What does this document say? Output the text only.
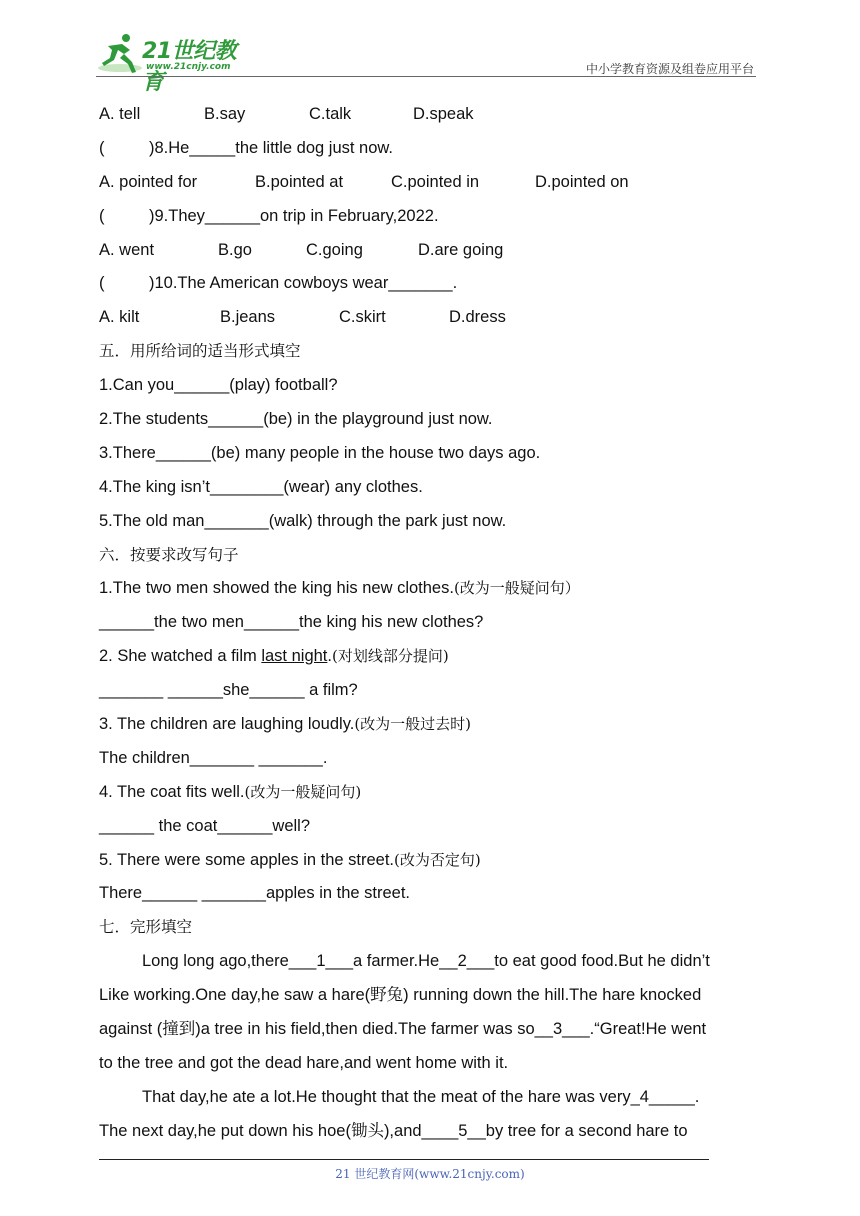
21世纪教育
www.21cnjy.com	中小学教育资源及组卷应用平台
A. tell	B.say	C.talk	D.speak
(	)8.He_____the little dog just now.
A. pointed for	B.pointed at	C.pointed in	D.pointed on
(	)9.They______on trip in February,2022.
A. went	B.go	C.going	D.are going
(	)10.The American cowboys wear_______.
A. kilt	B.jeans	C.skirt	D.dress
五．用所给词的适当形式填空
1.Can you______(play) football?
2.The students______(be) in the playground just now.
3.There______(be) many people in the house two days ago.
4.The king isn’t________(wear) any clothes.
5.The old man_______(walk) through the park just now.
六．按要求改写句子
1.The two men showed the king his new clothes.(改为一般疑问句）
______the two men______the king his new clothes?
2. She watched a film last night.(对划线部分提问)
_______ ______she______ a film?
3. The children are laughing loudly.(改为一般过去时)
The children_______ _______.
4. The coat fits well.(改为一般疑问句)
______ the coat______well?
5. There were some apples in the street.(改为否定句)
There______ _______apples in the street.
七．完形填空
Long long ago,there___1___a farmer.He__2___to eat good food.But he didn’t
Like working.One day,he saw a hare(野兔) running down the hill.The hare knocked
against (撞到)a tree in his field,then died.The farmer was so__3___.“Great!He went
to the tree and got the dead hare,and went home with it.
That day,he ate a lot.He thought that the meat of the hare was very_4_____.
The next day,he put down his hoe(锄头),and____5__by tree for a second hare to
21 世纪教育网(www.21cnjy.com)
